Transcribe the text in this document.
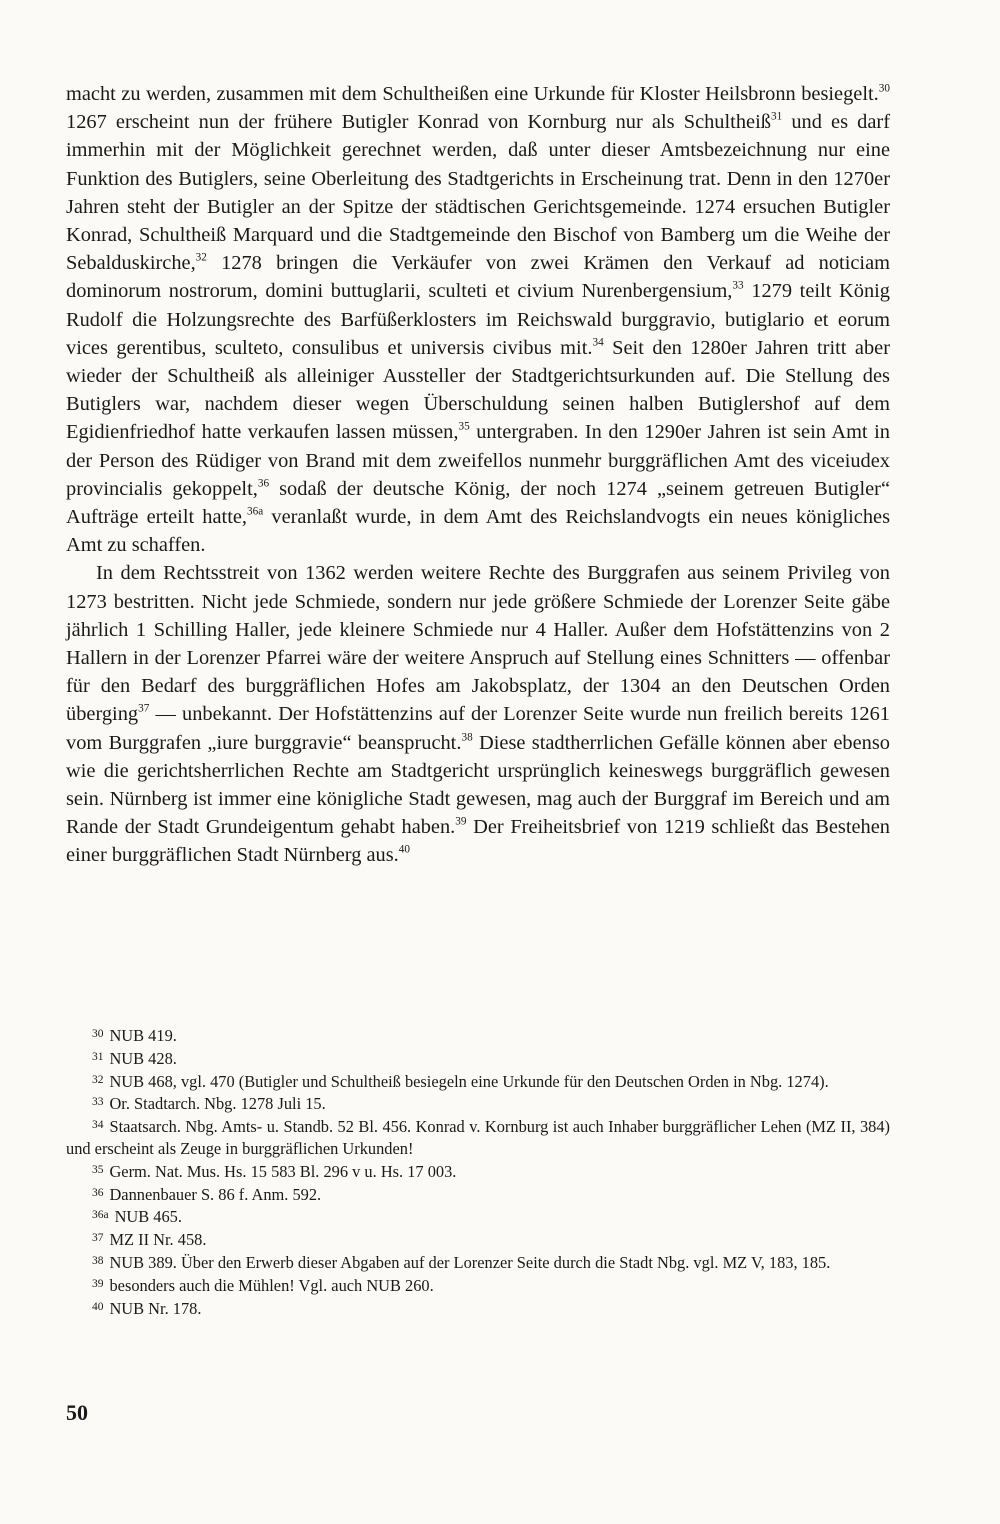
macht zu werden, zusammen mit dem Schultheißen eine Urkunde für Kloster Heilsbronn besiegelt.$^{30}$ 1267 erscheint nun der frühere Butigler Konrad von Kornburg nur als Schultheiß$^{31}$ und es darf immerhin mit der Möglichkeit gerechnet werden, daß unter dieser Amtsbezeichnung nur eine Funktion des Butiglers, seine Oberleitung des Stadtgerichts in Erscheinung trat. Denn in den 1270er Jahren steht der Butigler an der Spitze der städtischen Gerichtsgemeinde. 1274 ersuchen Butigler Konrad, Schultheiß Marquard und die Stadtgemeinde den Bischof von Bamberg um die Weihe der Sebalduskirche,$^{32}$ 1278 bringen die Verkäufer von zwei Krämen den Verkauf ad noticiam dominorum nostrorum, domini buttuglarii, sculteti et civium Nurenbergensium,$^{33}$ 1279 teilt König Rudolf die Holzungsrechte des Barfüßerklosters im Reichswald burggravio, butiglario et eorum vices gerentibus, sculteto, consulibus et universis civibus mit.$^{34}$ Seit den 1280er Jahren tritt aber wieder der Schultheiß als alleiniger Aussteller der Stadtgerichtsurkunden auf. Die Stellung des Butiglers war, nachdem dieser wegen Überschuldung seinen halben Butiglershof auf dem Egidienfriedhof hatte verkaufen lassen müssen,$^{35}$ untergraben. In den 1290er Jahren ist sein Amt in der Person des Rüdiger von Brand mit dem zweifellos nunmehr burggräflichen Amt des viceiudex provincialis gekoppelt,$^{36}$ sodaß der deutsche König, der noch 1274 „seinem getreuen Butigler“ Aufträge erteilt hatte,$^{36a}$ veranlaßt wurde, in dem Amt des Reichslandvogts ein neues königliches Amt zu schaffen.

In dem Rechtsstreit von 1362 werden weitere Rechte des Burggrafen aus seinem Privileg von 1273 bestritten. Nicht jede Schmiede, sondern nur jede größere Schmiede der Lorenzer Seite gäbe jährlich 1 Schilling Haller, jede kleinere Schmiede nur 4 Haller. Außer dem Hofstättenzins von 2 Hallern in der Lorenzer Pfarrei wäre der weitere Anspruch auf Stellung eines Schnitters — offenbar für den Bedarf des burggräflichen Hofes am Jakobsplatz, der 1304 an den Deutschen Orden überging$^{37}$ — unbekannt. Der Hofstättenzins auf der Lorenzer Seite wurde nun freilich bereits 1261 vom Burggrafen „iure burggravie“ beansprucht.$^{38}$ Diese stadtherrlichen Gefälle können aber ebenso wie die gerichtsherrlichen Rechte am Stadtgericht ursprünglich keineswegs burggräflich gewesen sein. Nürnberg ist immer eine königliche Stadt gewesen, mag auch der Burggraf im Bereich und am Rande der Stadt Grundeigentum gehabt haben.$^{39}$ Der Freiheitsbrief von 1219 schließt das Bestehen einer burggräflichen Stadt Nürnberg aus.$^{40}$

30 NUB 419.

31 NUB 428.

32 NUB 468, vgl. 470 (Butigler und Schultheiß besiegeln eine Urkunde für den Deutschen Orden in Nbg. 1274).

33 Or. Stadtarch. Nbg. 1278 Juli 15.

34 Staatsarch. Nbg. Amts- u. Standb. 52 Bl. 456. Konrad v. Kornburg ist auch Inhaber burggräflicher Lehen (MZ II, 384) und erscheint als Zeuge in burggräflichen Urkunden!

35 Germ. Nat. Mus. Hs. 15 583 Bl. 296 v u. Hs. 17 003.

36 Dannenbauer S. 86 f. Anm. 592.

36a NUB 465.

37 MZ II Nr. 458.

38 NUB 389. Über den Erwerb dieser Abgaben auf der Lorenzer Seite durch die Stadt Nbg. vgl. MZ V, 183, 185.

39 besonders auch die Mühlen! Vgl. auch NUB 260.

40 NUB Nr. 178.

50
